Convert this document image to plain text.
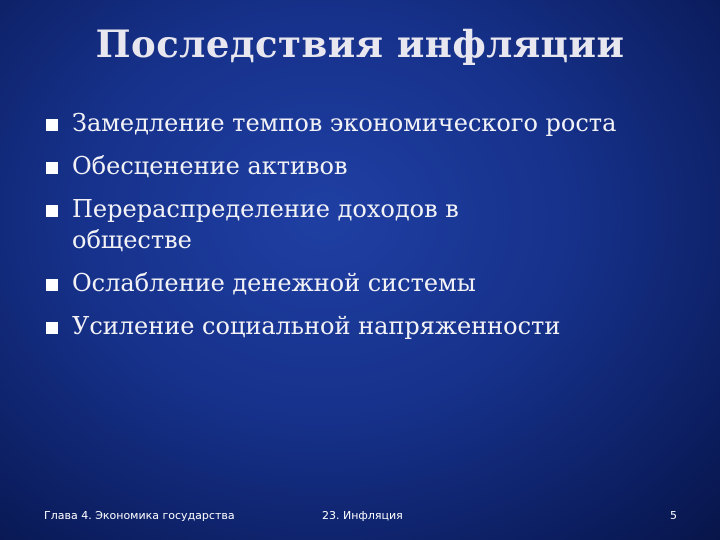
Последствия инфляции
Замедление темпов экономического роста
Обесценение активов
Перераспределение доходов в обществе
Ослабление денежной системы
Усиление социальной напряженности
Глава 4. Экономика государства	23. Инфляция	5
